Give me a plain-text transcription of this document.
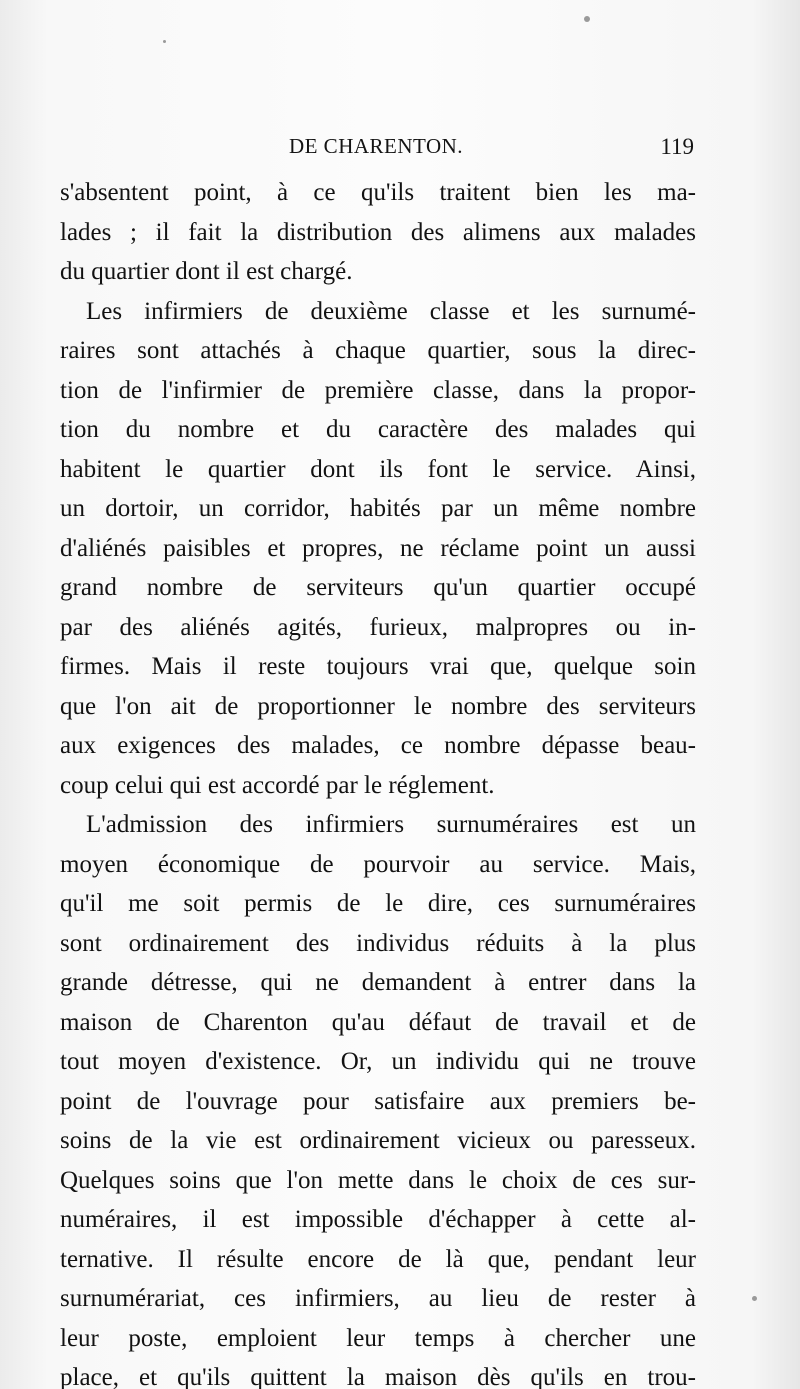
DE CHARENTON.	119
s'absentent point, à ce qu'ils traitent bien les ma-
lades ; il fait la distribution des alimens aux malades
du quartier dont il est chargé.
Les infirmiers de deuxième classe et les surnumé-
raires sont attachés à chaque quartier, sous la direc-
tion de l'infirmier de première classe, dans la propor-
tion du nombre et du caractère des malades qui
habitent le quartier dont ils font le service. Ainsi,
un dortoir, un corridor, habités par un même nombre
d'aliénés paisibles et propres, ne réclame point un aussi
grand nombre de serviteurs qu'un quartier occupé
par des aliénés agités, furieux, malpropres ou in-
firmes. Mais il reste toujours vrai que, quelque soin
que l'on ait de proportionner le nombre des serviteurs
aux exigences des malades, ce nombre dépasse beau-
coup celui qui est accordé par le réglement.
L'admission des infirmiers surnuméraires est un
moyen économique de pourvoir au service. Mais,
qu'il me soit permis de le dire, ces surnuméraires
sont ordinairement des individus réduits à la plus
grande détresse, qui ne demandent à entrer dans la
maison de Charenton qu'au défaut de travail et de
tout moyen d'existence. Or, un individu qui ne trouve
point de l'ouvrage pour satisfaire aux premiers be-
soins de la vie est ordinairement vicieux ou paresseux.
Quelques soins que l'on mette dans le choix de ces sur-
numéraires, il est impossible d'échapper à cette al-
ternative. Il résulte encore de là que, pendant leur
surnumérariat, ces infirmiers, au lieu de rester à
leur poste, emploient leur temps à chercher une
place, et qu'ils quittent la maison dès qu'ils en trou-
